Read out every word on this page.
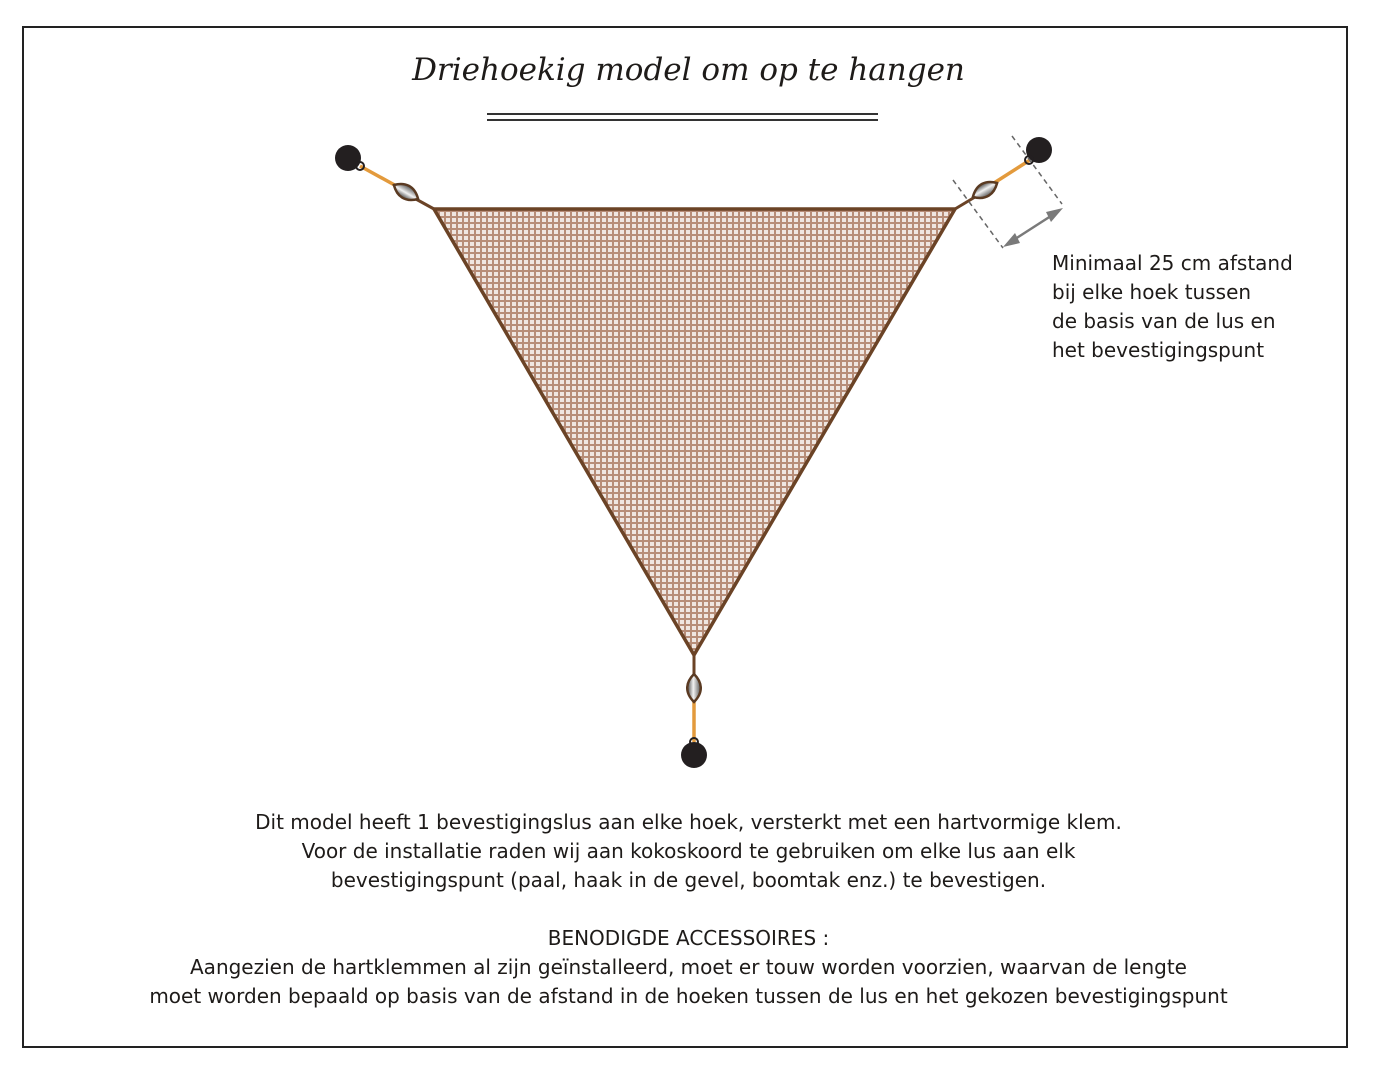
Driehoekig model om op te hangen
Minimaal 25 cm afstand
bij elke hoek tussen
de basis van de lus en
het bevestigingspunt
Dit model heeft 1 bevestigingslus aan elke hoek, versterkt met een hartvormige klem.
Voor de installatie raden wij aan kokoskoord te gebruiken om elke lus aan elk
bevestigingspunt (paal, haak in de gevel, boomtak enz.) te bevestigen.
BENODIGDE ACCESSOIRES :
Aangezien de hartklemmen al zijn geïnstalleerd, moet er touw worden voorzien, waarvan de lengte
moet worden bepaald op basis van de afstand in de hoeken tussen de lus en het gekozen bevestigingspunt
